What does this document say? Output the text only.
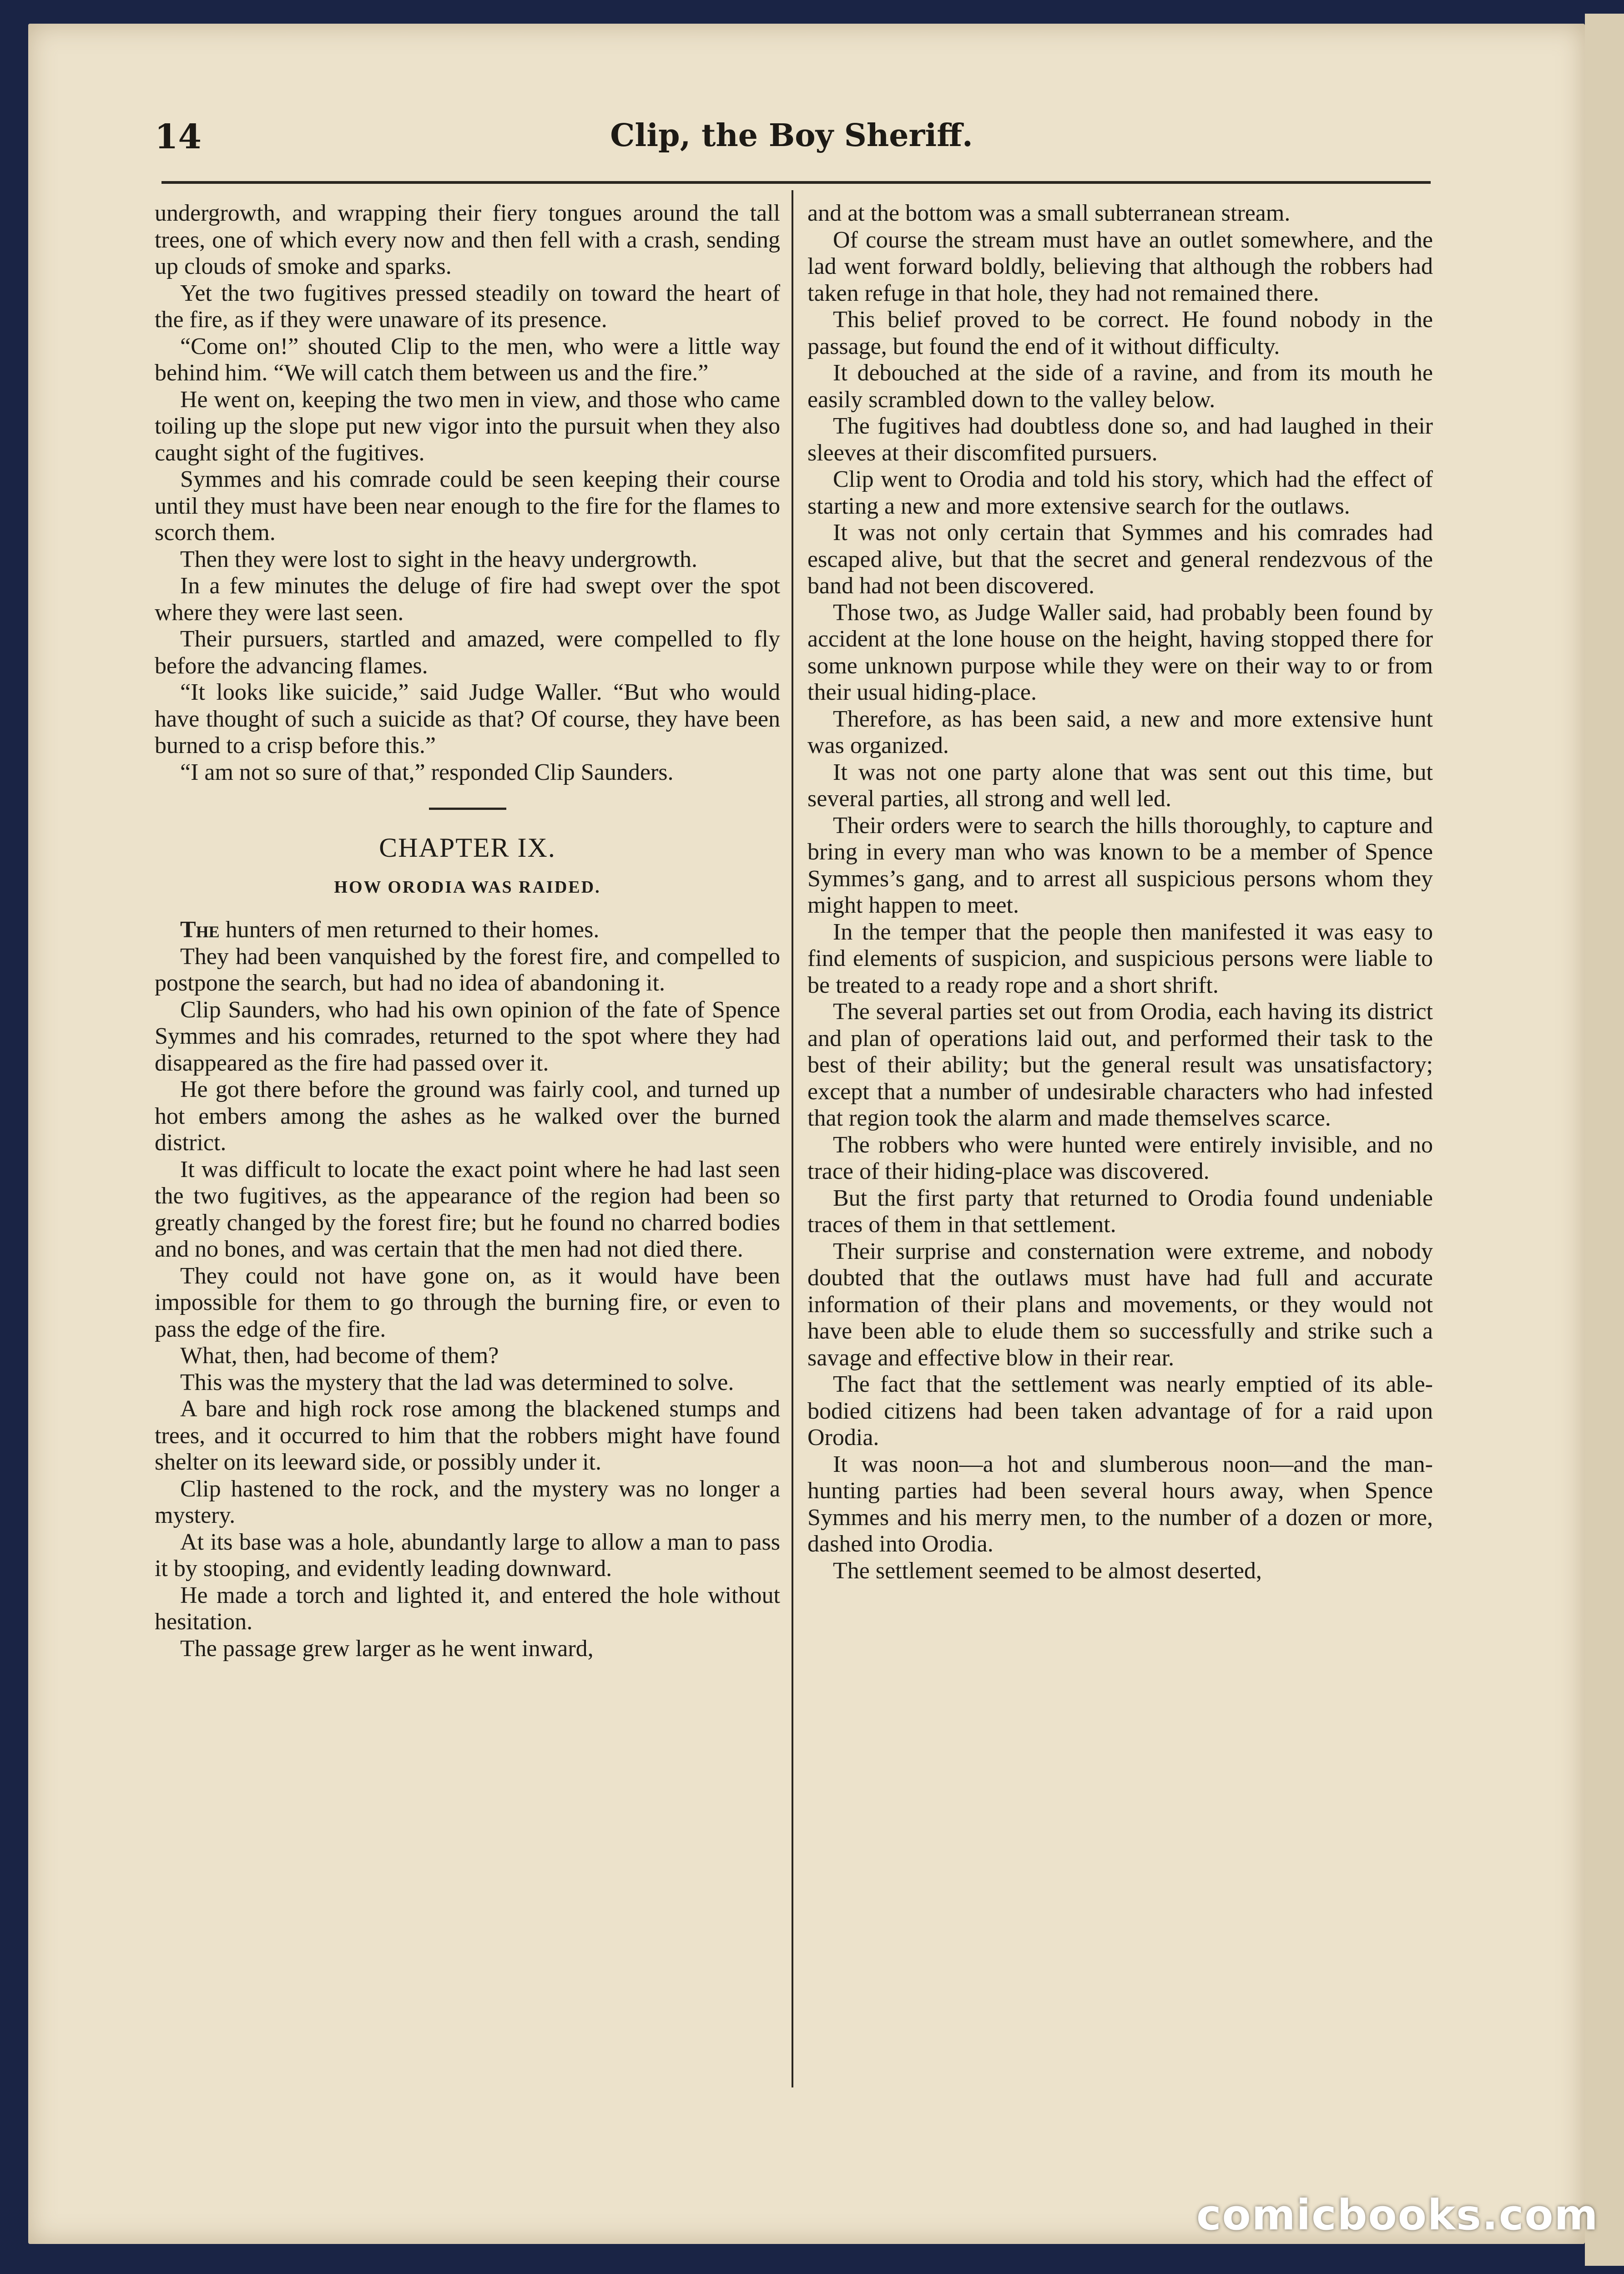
14	Clip, the Boy Sheriff.

undergrowth, and wrapping their fiery tongues around the tall trees, one of which every now and then fell with a crash, sending up clouds of smoke and sparks.

Yet the two fugitives pressed steadily on toward the heart of the fire, as if they were unaware of its presence.

“Come on!” shouted Clip to the men, who were a little way behind him. “We will catch them between us and the fire.”

He went on, keeping the two men in view, and those who came toiling up the slope put new vigor into the pursuit when they also caught sight of the fugitives.

Symmes and his comrade could be seen keeping their course until they must have been near enough to the fire for the flames to scorch them.

Then they were lost to sight in the heavy undergrowth.

In a few minutes the deluge of fire had swept over the spot where they were last seen.

Their pursuers, startled and amazed, were compelled to fly before the advancing flames.

“It looks like suicide,” said Judge Waller. “But who would have thought of such a suicide as that? Of course, they have been burned to a crisp before this.”

“I am not so sure of that,” responded Clip Saunders.

CHAPTER IX.
HOW ORODIA WAS RAIDED.

The hunters of men returned to their homes.

They had been vanquished by the forest fire, and compelled to postpone the search, but had no idea of abandoning it.

Clip Saunders, who had his own opinion of the fate of Spence Symmes and his comrades, returned to the spot where they had disappeared as the fire had passed over it.

He got there before the ground was fairly cool, and turned up hot embers among the ashes as he walked over the burned district.

It was difficult to locate the exact point where he had last seen the two fugitives, as the appearance of the region had been so greatly changed by the forest fire; but he found no charred bodies and no bones, and was certain that the men had not died there.

They could not have gone on, as it would have been impossible for them to go through the burning fire, or even to pass the edge of the fire.

What, then, had become of them?

This was the mystery that the lad was determined to solve.

A bare and high rock rose among the blackened stumps and trees, and it occurred to him that the robbers might have found shelter on its leeward side, or possibly under it.

Clip hastened to the rock, and the mystery was no longer a mystery.

At its base was a hole, abundantly large to allow a man to pass it by stooping, and evidently leading downward.

He made a torch and lighted it, and entered the hole without hesitation.

The passage grew larger as he went inward,

and at the bottom was a small subterranean stream.

Of course the stream must have an outlet somewhere, and the lad went forward boldly, believing that although the robbers had taken refuge in that hole, they had not remained there.

This belief proved to be correct. He found nobody in the passage, but found the end of it without difficulty.

It debouched at the side of a ravine, and from its mouth he easily scrambled down to the valley below.

The fugitives had doubtless done so, and had laughed in their sleeves at their discomfited pursuers.

Clip went to Orodia and told his story, which had the effect of starting a new and more extensive search for the outlaws.

It was not only certain that Symmes and his comrades had escaped alive, but that the secret and general rendezvous of the band had not been discovered.

Those two, as Judge Waller said, had probably been found by accident at the lone house on the height, having stopped there for some unknown purpose while they were on their way to or from their usual hiding-place.

Therefore, as has been said, a new and more extensive hunt was organized.

It was not one party alone that was sent out this time, but several parties, all strong and well led.

Their orders were to search the hills thoroughly, to capture and bring in every man who was known to be a member of Spence Symmes’s gang, and to arrest all suspicious persons whom they might happen to meet.

In the temper that the people then manifested it was easy to find elements of suspicion, and suspicious persons were liable to be treated to a ready rope and a short shrift.

The several parties set out from Orodia, each having its district and plan of operations laid out, and performed their task to the best of their ability; but the general result was unsatisfactory; except that a number of undesirable characters who had infested that region took the alarm and made themselves scarce.

The robbers who were hunted were entirely invisible, and no trace of their hiding-place was discovered.

But the first party that returned to Orodia found undeniable traces of them in that settlement.

Their surprise and consternation were extreme, and nobody doubted that the outlaws must have had full and accurate information of their plans and movements, or they would not have been able to elude them so successfully and strike such a savage and effective blow in their rear.

The fact that the settlement was nearly emptied of its able-bodied citizens had been taken advantage of for a raid upon Orodia.

It was noon—a hot and slumberous noon—and the man-hunting parties had been several hours away, when Spence Symmes and his merry men, to the number of a dozen or more, dashed into Orodia.

The settlement seemed to be almost deserted,

comicbooks.com
